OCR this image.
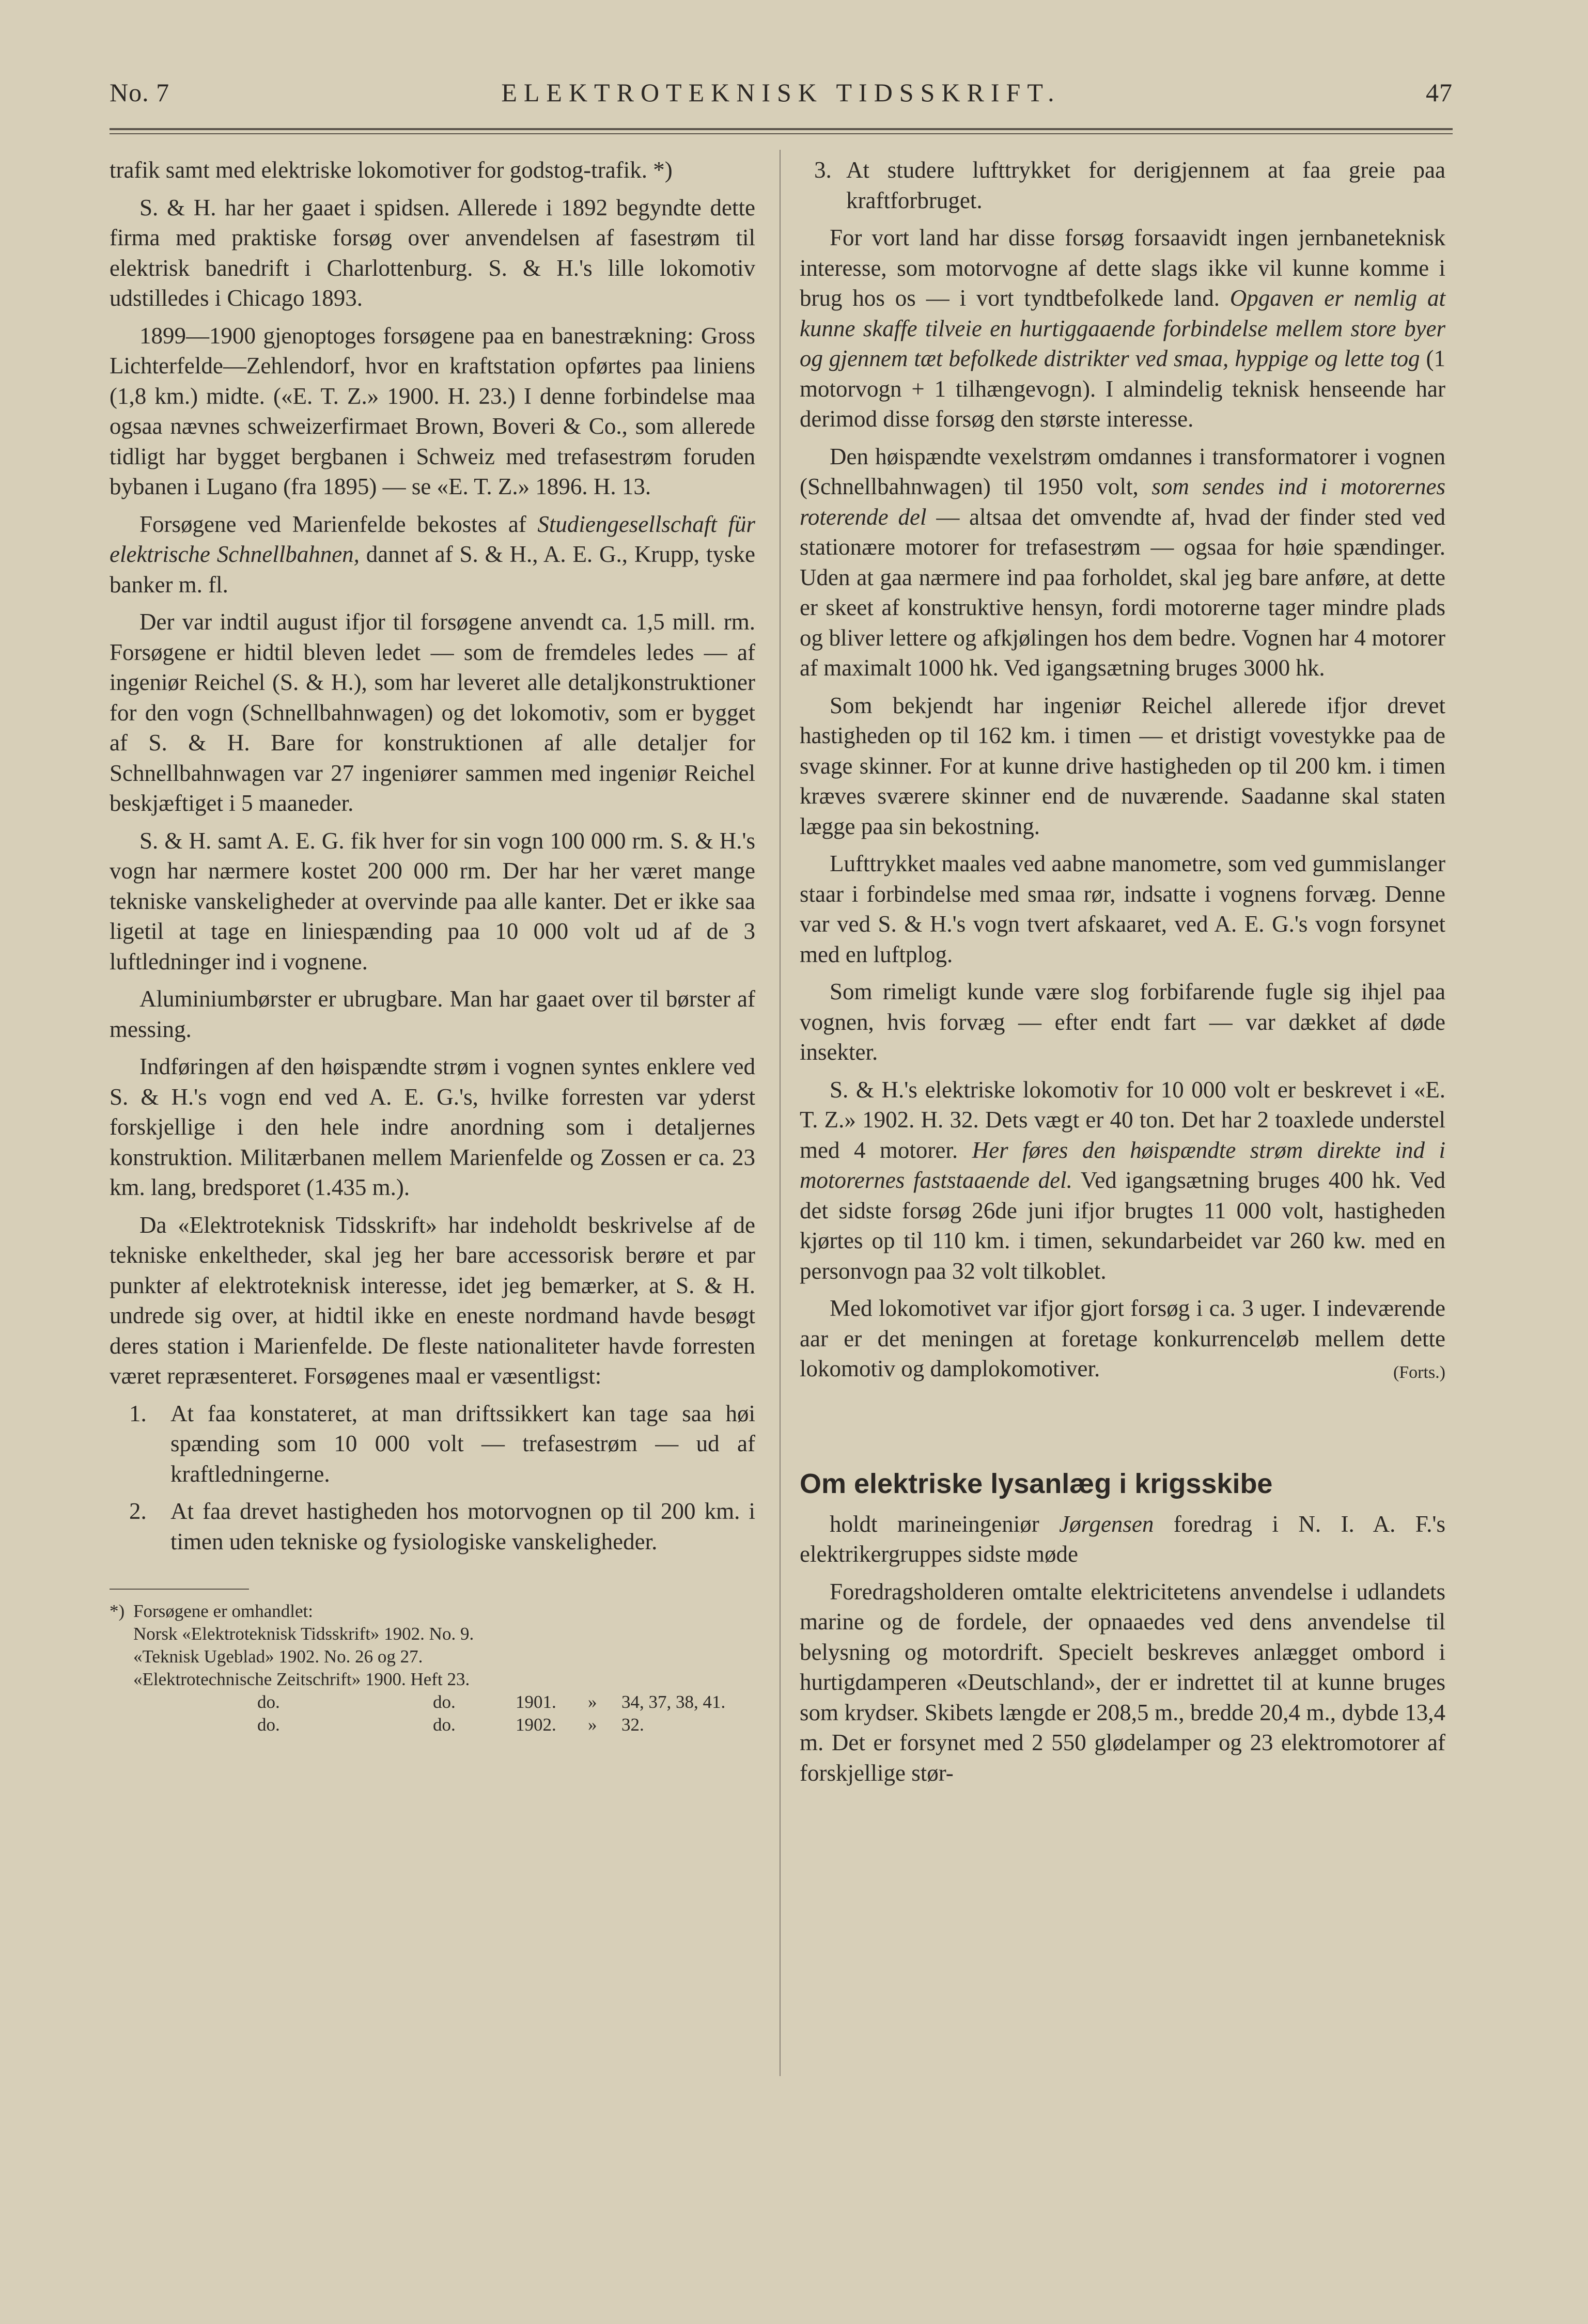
No. 7	ELEKTROTEKNISK TIDSSKRIFT.	47

trafik samt med elektriske lokomotiver for godstog-trafik. *)

S. & H. har her gaaet i spidsen. Allerede i 1892 begyndte dette firma med praktiske forsøg over anvendelsen af fasestrøm til elektrisk banedrift i Charlottenburg. S. & H.'s lille lokomotiv udstilledes i Chicago 1893.

1899—1900 gjenoptoges forsøgene paa en banestrækning: Gross Lichterfelde—Zehlendorf, hvor en kraftstation opførtes paa liniens (1,8 km.) midte. («E. T. Z.» 1900. H. 23.) I denne forbindelse maa ogsaa nævnes schweizerfirmaet Brown, Boveri & Co., som allerede tidligt har bygget bergbanen i Schweiz med trefasestrøm foruden bybanen i Lugano (fra 1895) — se «E. T. Z.» 1896. H. 13.

Forsøgene ved Marienfelde bekostes af Studiengesellschaft für elektrische Schnellbahnen, dannet af S. & H., A. E. G., Krupp, tyske banker m. fl.

Der var indtil august ifjor til forsøgene anvendt ca. 1,5 mill. rm. Forsøgene er hidtil bleven ledet — som de fremdeles ledes — af ingeniør Reichel (S. & H.), som har leveret alle detaljkonstruktioner for den vogn (Schnellbahnwagen) og det lokomotiv, som er bygget af S. & H. Bare for konstruktionen af alle detaljer for Schnellbahnwagen var 27 ingeniører sammen med ingeniør Reichel beskjæftiget i 5 maaneder.

S. & H. samt A. E. G. fik hver for sin vogn 100 000 rm. S. & H.'s vogn har nærmere kostet 200 000 rm. Der har her været mange tekniske vanskeligheder at overvinde paa alle kanter. Det er ikke saa ligetil at tage en liniespænding paa 10 000 volt ud af de 3 luftledninger ind i vognene.

Aluminiumbørster er ubrugbare. Man har gaaet over til børster af messing.

Indføringen af den høispændte strøm i vognen syntes enklere ved S. & H.'s vogn end ved A. E. G.'s, hvilke forresten var yderst forskjellige i den hele indre anordning som i detaljernes konstruktion. Militærbanen mellem Marienfelde og Zossen er ca. 23 km. lang, bredsporet (1.435 m.).

Da «Elektroteknisk Tidsskrift» har indeholdt beskrivelse af de tekniske enkeltheder, skal jeg her bare accessorisk berøre et par punkter af elektroteknisk interesse, idet jeg bemærker, at S. & H. undrede sig over, at hidtil ikke en eneste nordmand havde besøgt deres station i Marienfelde. De fleste nationaliteter havde forresten været repræsenteret. Forsøgenes maal er væsentligst:

1. At faa konstateret, at man driftssikkert kan tage saa høi spænding som 10 000 volt — trefasestrøm — ud af kraftledningerne.
2. At faa drevet hastigheden hos motorvognen op til 200 km. i timen uden tekniske og fysiologiske vanskeligheder.
*) Forsøgene er omhandlet:
Norsk «Elektroteknisk Tidsskrift» 1902. No. 9.
«Teknisk Ugeblad» 1902. No. 26 og 27.
«Elektrotechnische Zeitschrift» 1900. Heft 23.
do.	do.	1901. » 34, 37, 38, 41.
do.	do.	1902. » 32.
3. At studere lufttrykket for derigjennem at faa greie paa kraftforbruget.

For vort land har disse forsøg forsaavidt ingen jernbaneteknisk interesse, som motorvogne af dette slags ikke vil kunne komme i brug hos os — i vort tyndtbefolkede land. Opgaven er nemlig at kunne skaffe tilveie en hurtiggaaende forbindelse mellem store byer og gjennem tæt befolkede distrikter ved smaa, hyppige og lette tog (1 motorvogn + 1 tilhængevogn). I almindelig teknisk henseende har derimod disse forsøg den største interesse.

Den høispændte vexelstrøm omdannes i transformatorer i vognen (Schnellbahnwagen) til 1950 volt, som sendes ind i motorernes roterende del — altsaa det omvendte af, hvad der finder sted ved stationære motorer for trefasestrøm — ogsaa for høie spændinger. Uden at gaa nærmere ind paa forholdet, skal jeg bare anføre, at dette er skeet af konstruktive hensyn, fordi motorerne tager mindre plads og bliver lettere og afkjølingen hos dem bedre. Vognen har 4 motorer af maximalt 1000 hk. Ved igangsætning bruges 3000 hk.

Som bekjendt har ingeniør Reichel allerede ifjor drevet hastigheden op til 162 km. i timen — et dristigt vovestykke paa de svage skinner. For at kunne drive hastigheden op til 200 km. i timen kræves sværere skinner end de nuværende. Saadanne skal staten lægge paa sin bekostning.

Lufttrykket maales ved aabne manometre, som ved gummislanger staar i forbindelse med smaa rør, indsatte i vognens forvæg. Denne var ved S. & H.'s vogn tvert afskaaret, ved A. E. G.'s vogn forsynet med en luftplog.

Som rimeligt kunde være slog forbifarende fugle sig ihjel paa vognen, hvis forvæg — efter endt fart — var dækket af døde insekter.

S. & H.'s elektriske lokomotiv for 10 000 volt er beskrevet i «E. T. Z.» 1902. H. 32. Dets vægt er 40 ton. Det har 2 toaxlede understel med 4 motorer. Her føres den høispændte strøm direkte ind i motorernes faststaaende del. Ved igangsætning bruges 400 hk. Ved det sidste forsøg 26de juni ifjor brugtes 11 000 volt, hastigheden kjørtes op til 110 km. i timen, sekundarbeidet var 260 kw. med en personvogn paa 32 volt tilkoblet.

Med lokomotivet var ifjor gjort forsøg i ca. 3 uger. I indeværende aar er det meningen at foretage konkurrenceløb mellem dette lokomotiv og damplokomotiver.	(Forts.)

Om elektriske lysanlæg i krigsskibe

holdt marineingeniør Jørgensen foredrag i N. I. A. F.'s elektrikergruppes sidste møde

Foredragsholderen omtalte elektricitetens anvendelse i udlandets marine og de fordele, der opnaaedes ved dens anvendelse til belysning og motordrift. Specielt beskreves anlægget ombord i hurtigdamperen «Deutschland», der er indrettet til at kunne bruges som krydser. Skibets længde er 208,5 m., bredde 20,4 m., dybde 13,4 m. Det er forsynet med 2 550 glødelamper og 23 elektromotorer af forskjellige stør-
